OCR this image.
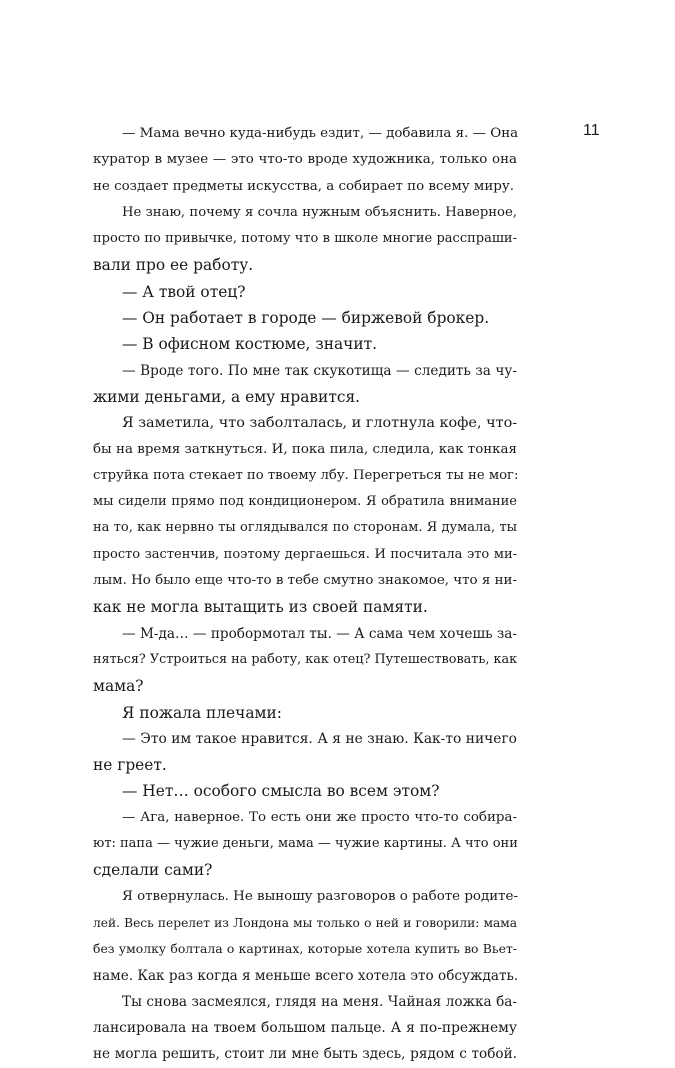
11
— Мама вечно куда-нибудь ездит, — добавила я. — Она
куратор в музее — это что-то вроде художника, только она
не создает предметы искусства, а собирает по всему миру.
Не знаю, почему я сочла нужным объяснить. Наверное,
просто по привычке, потому что в школе многие расспраши-
вали про ее работу.
— А твой отец?
— Он работает в городе — биржевой брокер.
— В офисном костюме, значит.
— Вроде того. По мне так скукотища — следить за чу-
жими деньгами, а ему нравится.
Я заметила, что заболталась, и глотнула кофе, что-
бы на время заткнуться. И, пока пила, следила, как тонкая
струйка пота стекает по твоему лбу. Перегреться ты не мог:
мы сидели прямо под кондиционером. Я обратила внимание
на то, как нервно ты оглядывался по сторонам. Я думала, ты
просто застенчив, поэтому дергаешься. И посчитала это ми-
лым. Но было еще что-то в тебе смутно знакомое, что я ни-
как не могла вытащить из своей памяти.
— М-да… — пробормотал ты. — А сама чем хочешь за-
няться? Устроиться на работу, как отец? Путешествовать, как
мама?
Я пожала плечами:
— Это им такое нравится. А я не знаю. Как-то ничего
не греет.
— Нет… особого смысла во всем этом?
— Ага, наверное. То есть они же просто что-то собира-
ют: папа — чужие деньги, мама — чужие картины. А что они
сделали сами?
Я отвернулась. Не выношу разговоров о работе родите-
лей. Весь перелет из Лондона мы только о ней и говорили: мама
без умолку болтала о картинах, которые хотела купить во Вьет-
наме. Как раз когда я меньше всего хотела это обсуждать.
Ты снова засмеялся, глядя на меня. Чайная ложка ба-
лансировала на твоем большом пальце. А я по-прежнему
не могла решить, стоит ли мне быть здесь, рядом с тобой.
